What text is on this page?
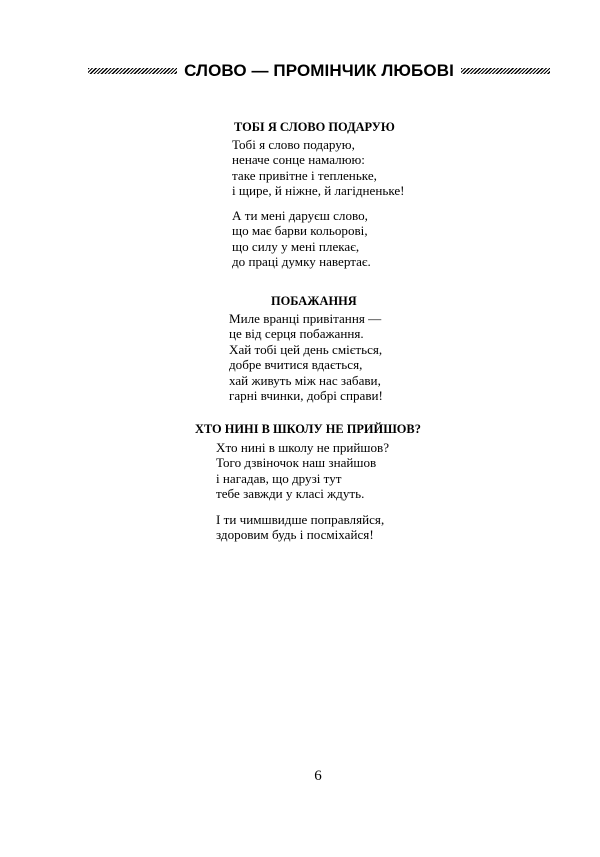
СЛОВО — ПРОМІНЧИК ЛЮБОВІ
ТОБІ Я СЛОВО ПОДАРУЮ
Тобі я слово подарую,
неначе сонце намалюю:
таке привітне і тепленьке,
і щире, й ніжне, й лагідненьке!
А ти мені даруєш слово,
що має барви кольорові,
що силу у мені плекає,
до праці думку навертає.
ПОБАЖАННЯ
Миле вранці привітання —
це від серця побажання.
Хай тобі цей день сміється,
добре вчитися вдається,
хай живуть між нас забави,
гарні вчинки, добрі справи!
ХТО НИНІ В ШКОЛУ НЕ ПРИЙШОВ?
Хто нині в школу не прийшов?
Того дзвіночок наш знайшов
і нагадав, що друзі тут
тебе завжди у класі ждуть.
І ти чимшвидше поправляйся,
здоровим будь і посміхайся!
6
